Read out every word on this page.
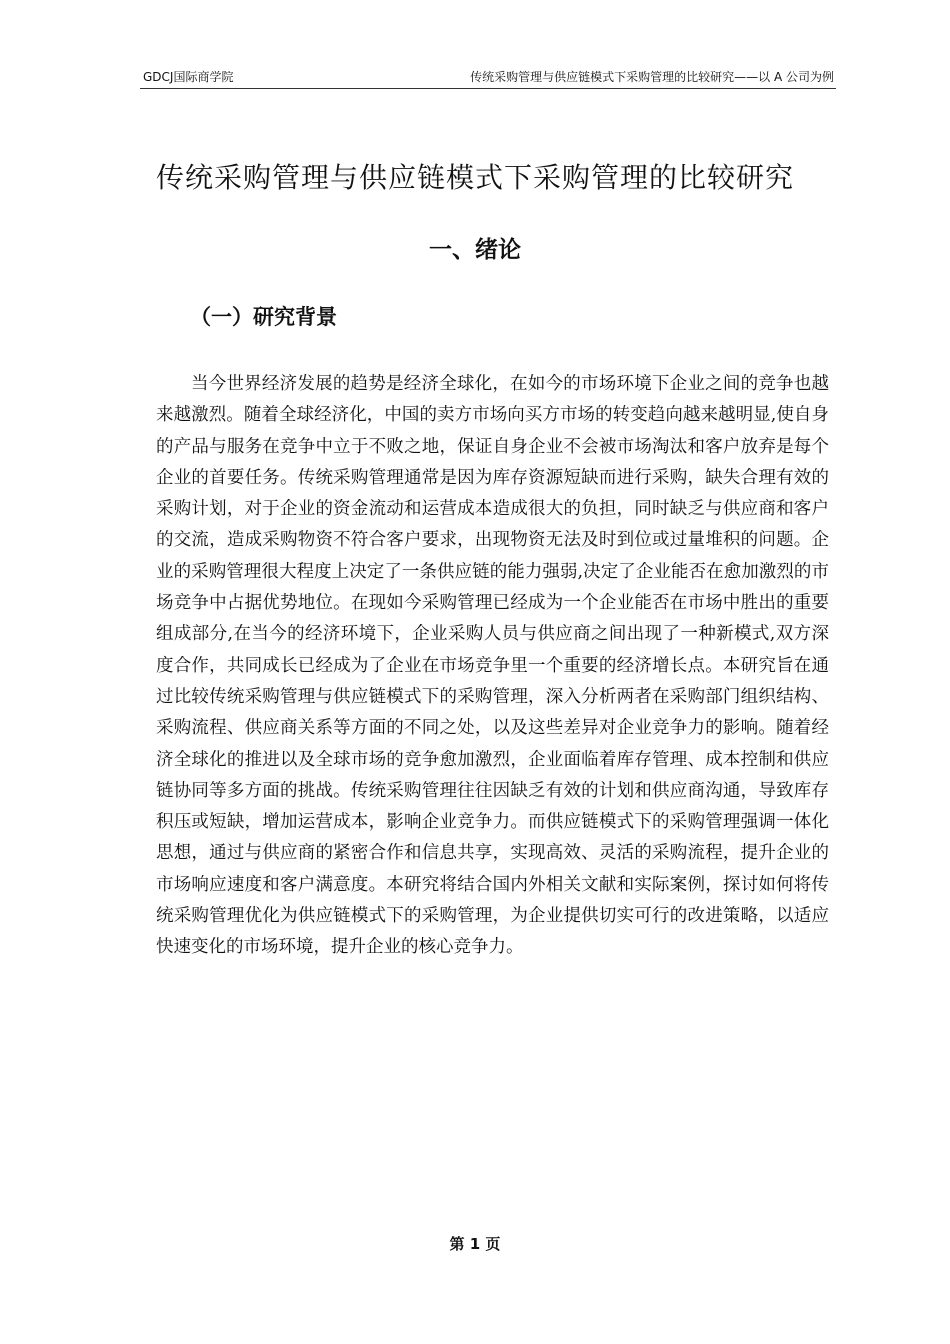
GDCJ国际商学院	传统采购管理与供应链模式下采购管理的比较研究——以 A 公司为例
传统采购管理与供应链模式下采购管理的比较研究
一、绪论
（一）研究背景

当今世界经济发展的趋势是经济全球化，在如今的市场环境下企业之间的竞争也越来越激烈。随着全球经济化，中国的卖方市场向买方市场的转变趋向越来越明显,使自身的产品与服务在竞争中立于不败之地，保证自身企业不会被市场淘汰和客户放弃是每个企业的首要任务。传统采购管理通常是因为库存资源短缺而进行采购，缺失合理有效的采购计划，对于企业的资金流动和运营成本造成很大的负担，同时缺乏与供应商和客户的交流，造成采购物资不符合客户要求，出现物资无法及时到位或过量堆积的问题。企业的采购管理很大程度上决定了一条供应链的能力强弱,决定了企业能否在愈加激烈的市场竞争中占据优势地位。在现如今采购管理已经成为一个企业能否在市场中胜出的重要组成部分,在当今的经济环境下，企业采购人员与供应商之间出现了一种新模式,双方深度合作，共同成长已经成为了企业在市场竞争里一个重要的经济增长点。本研究旨在通过比较传统采购管理与供应链模式下的采购管理，深入分析两者在采购部门组织结构、采购流程、供应商关系等方面的不同之处，以及这些差异对企业竞争力的影响。随着经济全球化的推进以及全球市场的竞争愈加激烈，企业面临着库存管理、成本控制和供应链协同等多方面的挑战。传统采购管理往往因缺乏有效的计划和供应商沟通，导致库存积压或短缺，增加运营成本，影响企业竞争力。而供应链模式下的采购管理强调一体化思想，通过与供应商的紧密合作和信息共享，实现高效、灵活的采购流程，提升企业的市场响应速度和客户满意度。本研究将结合国内外相关文献和实际案例，探讨如何将传统采购管理优化为供应链模式下的采购管理，为企业提供切实可行的改进策略，以适应快速变化的市场环境，提升企业的核心竞争力。

第 1 页
